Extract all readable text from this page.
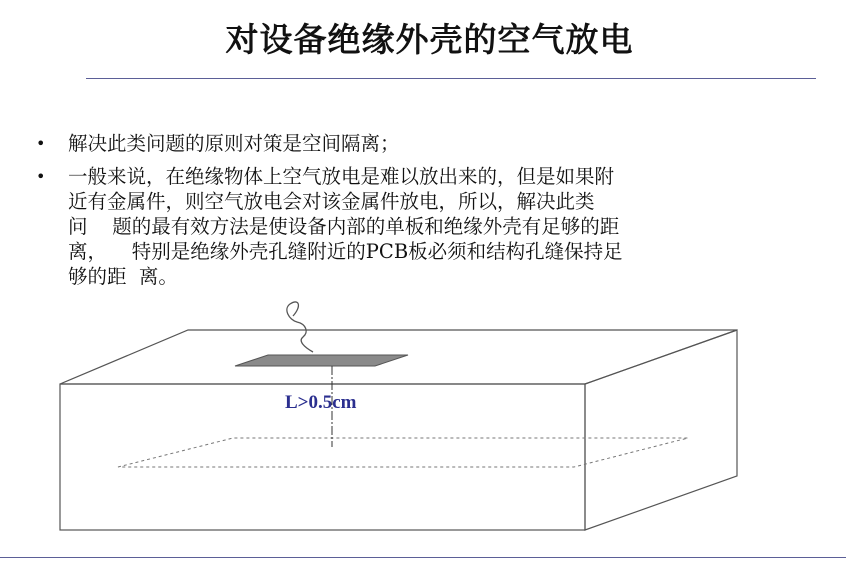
对设备绝缘外壳的空气放电
• 解决此类问题的原则对策是空间隔离；
• 一般来说，在绝缘物体上空气放电是难以放出来的，但是如果附
近有金属件，则空气放电会对该金属件放电，所以，解决此类
问    题的最有效方法是使设备内部的单板和绝缘外壳有足够的距
离，    特别是绝缘外壳孔缝附近的PCB板必须和结构孔缝保持足
够的距  离。
L>0.5cm
